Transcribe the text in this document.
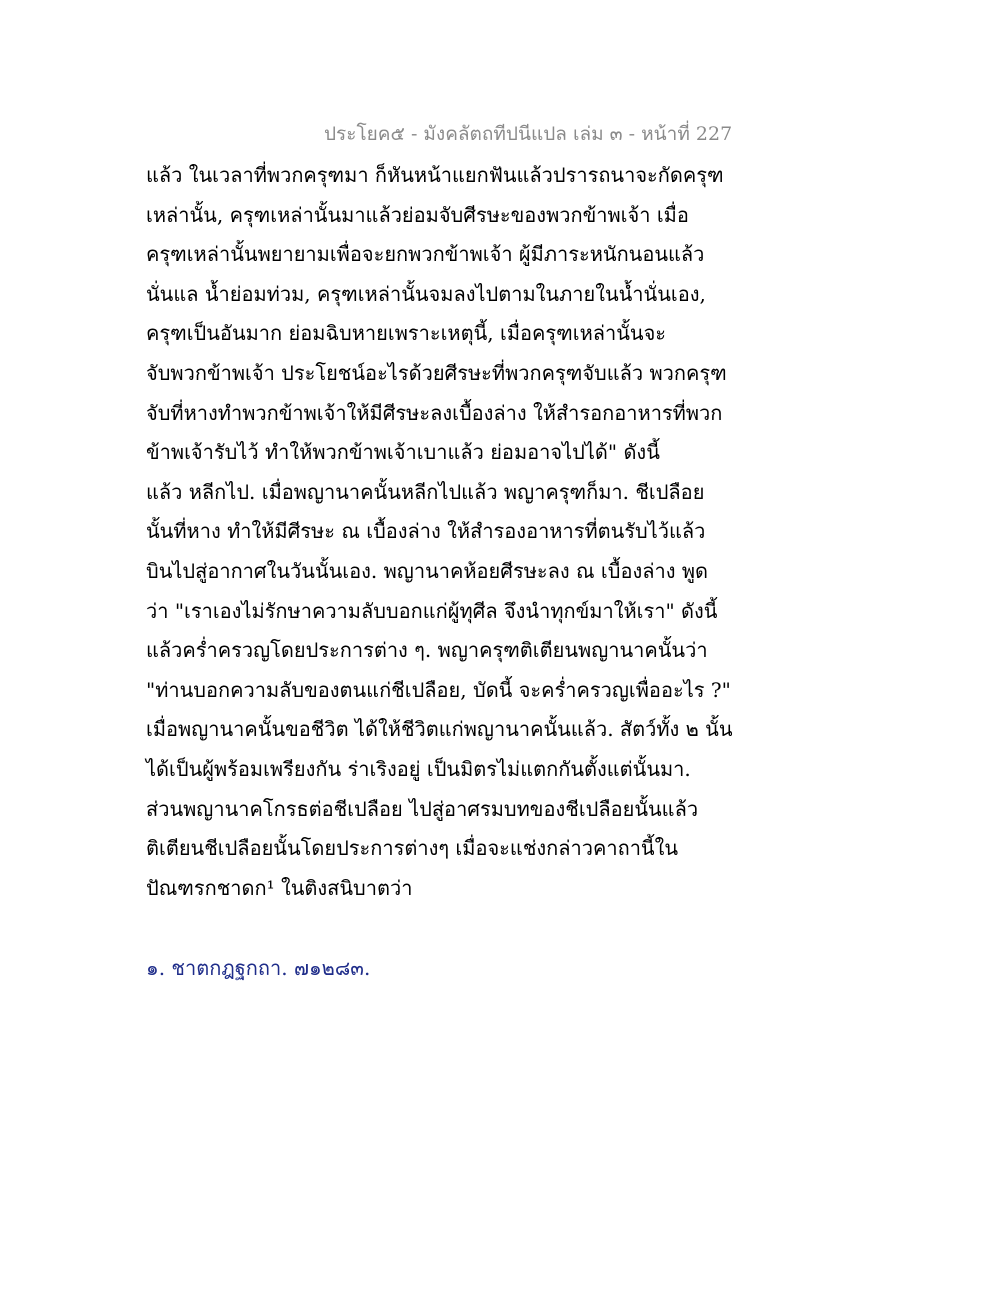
ประโยค๕ - มังคลัตถทีปนีแปล เล่ม ๓ - หน้าที่ 227
แล้ว ในเวลาที่พวกครุฑมา ก็หันหน้าแยกฟันแล้วปรารถนาจะกัดครุฑ
เหล่านั้น, ครุฑเหล่านั้นมาแล้วย่อมจับศีรษะของพวกข้าพเจ้า เมื่อ
ครุฑเหล่านั้นพยายามเพื่อจะยกพวกข้าพเจ้า ผู้มีภาระหนักนอนแล้ว
นั่นแล น้ำย่อมท่วม, ครุฑเหล่านั้นจมลงไปตามในภายในน้ำนั่นเอง,
ครุฑเป็นอันมาก ย่อมฉิบหายเพราะเหตุนี้, เมื่อครุฑเหล่านั้นจะ
จับพวกข้าพเจ้า ประโยชน์อะไรด้วยศีรษะที่พวกครุฑจับแล้ว พวกครุฑ
จับที่หางทำพวกข้าพเจ้าให้มีศีรษะลงเบื้องล่าง ให้สำรอกอาหารที่พวก
ข้าพเจ้ารับไว้ ทำให้พวกข้าพเจ้าเบาแล้ว ย่อมอาจไปได้" ดังนี้
แล้ว หลีกไป. เมื่อพญานาคนั้นหลีกไปแล้ว พญาครุฑก็มา. ชีเปลือย
นั้นที่หาง ทำให้มีศีรษะ ณ เบื้องล่าง ให้สำรองอาหารที่ตนรับไว้แล้ว
บินไปสู่อากาศในวันนั้นเอง. พญานาคห้อยศีรษะลง ณ เบื้องล่าง พูด
ว่า "เราเองไม่รักษาความลับบอกแก่ผู้ทุศีล จึงนำทุกข์มาให้เรา" ดังนี้
แล้วคร่ำครวญโดยประการต่าง ๆ. พญาครุฑติเตียนพญานาคนั้นว่า
"ท่านบอกความลับของตนแก่ชีเปลือย, บัดนี้ จะคร่ำครวญเพื่ออะไร ?"
เมื่อพญานาคนั้นขอชีวิต ได้ให้ชีวิตแก่พญานาคนั้นแล้ว. สัตว์ทั้ง ๒ นั้น
ได้เป็นผู้พร้อมเพรียงกัน ร่าเริงอยู่ เป็นมิตรไม่แตกกันตั้งแต่นั้นมา.
ส่วนพญานาคโกรธต่อชีเปลือย ไปสู่อาศรมบทของชีเปลือยนั้นแล้ว
ติเตียนชีเปลือยนั้นโดยประการต่างๆ เมื่อจะแช่งกล่าวคาถานี้ใน
ปัณฑรกชาดก¹ ในติงสนิบาตว่า
๑. ชาตกฎฐกถา. ๗๑๒๘๓.
